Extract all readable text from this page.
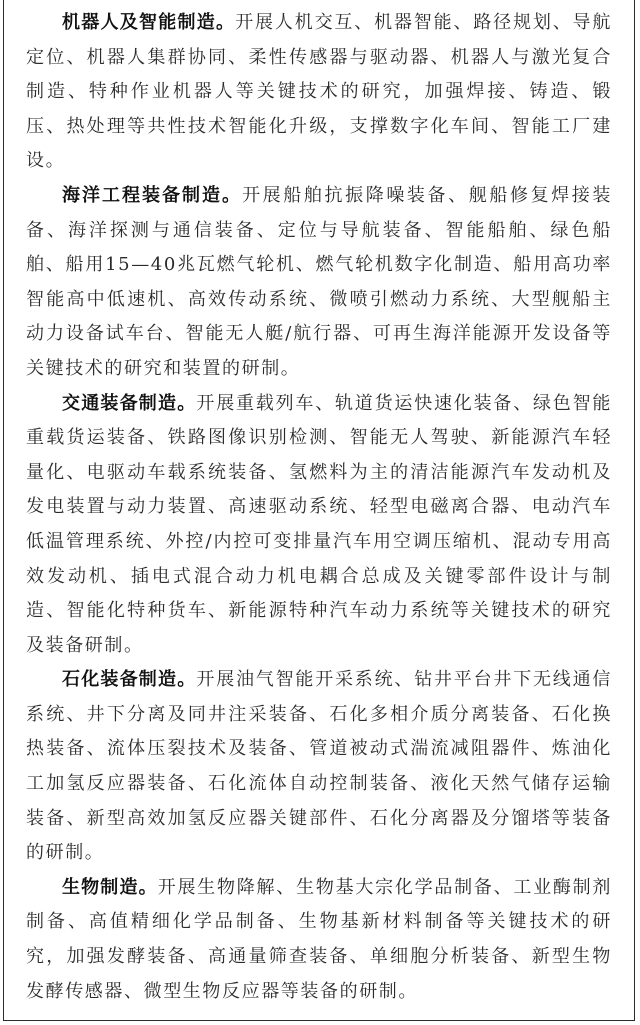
机器人及智能制造。开展人机交互、机器智能、路径规划、导航定位、机器人集群协同、柔性传感器与驱动器、机器人与激光复合制造、特种作业机器人等关键技术的研究，加强焊接、铸造、锻压、热处理等共性技术智能化升级，支撑数字化车间、智能工厂建设。

海洋工程装备制造。开展船舶抗振降噪装备、舰船修复焊接装备、海洋探测与通信装备、定位与导航装备、智能船舶、绿色船舶、船用15—40兆瓦燃气轮机、燃气轮机数字化制造、船用高功率智能高中低速机、高效传动系统、微喷引燃动力系统、大型舰船主动力设备试车台、智能无人艇/航行器、可再生海洋能源开发设备等关键技术的研究和装置的研制。

交通装备制造。开展重载列车、轨道货运快速化装备、绿色智能重载货运装备、铁路图像识别检测、智能无人驾驶、新能源汽车轻量化、电驱动车载系统装备、氢燃料为主的清洁能源汽车发动机及发电装置与动力装置、高速驱动系统、轻型电磁离合器、电动汽车低温管理系统、外控/内控可变排量汽车用空调压缩机、混动专用高效发动机、插电式混合动力机电耦合总成及关键零部件设计与制造、智能化特种货车、新能源特种汽车动力系统等关键技术的研究及装备研制。

石化装备制造。开展油气智能开采系统、钻井平台井下无线通信系统、井下分离及同井注采装备、石化多相介质分离装备、石化换热装备、流体压裂技术及装备、管道被动式湍流减阻器件、炼油化工加氢反应器装备、石化流体自动控制装备、液化天然气储存运输装备、新型高效加氢反应器关键部件、石化分离器及分馏塔等装备的研制。

生物制造。开展生物降解、生物基大宗化学品制备、工业酶制剂制备、高值精细化学品制备、生物基新材料制备等关键技术的研究，加强发酵装备、高通量筛查装备、单细胞分析装备、新型生物发酵传感器、微型生物反应器等装备的研制。
